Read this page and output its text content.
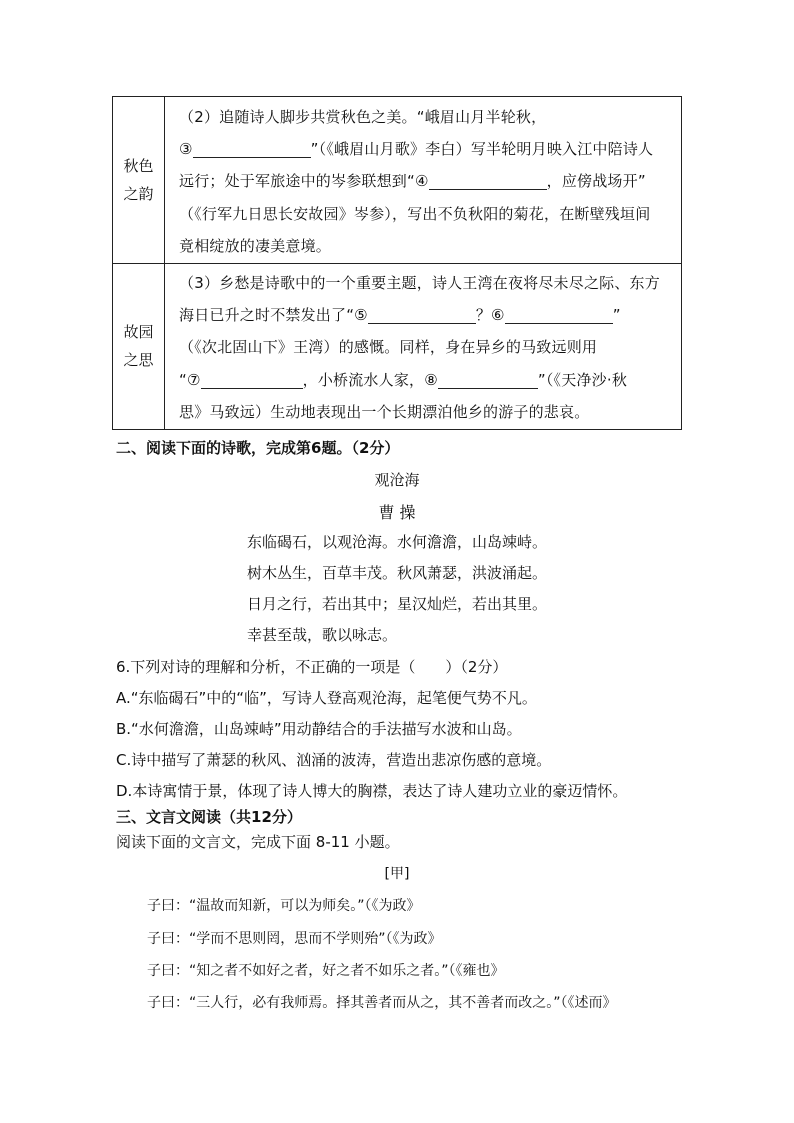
秋色
之韵
（2）追随诗人脚步共赏秋色之美。“峨眉山月半轮秋，
③	”（《峨眉山月歌》李白）写半轮明月映入江中陪诗人
远行；处于军旅途中的岑参联想到“④	，应傍战场开”
（《行军九日思长安故园》岑参），写出不负秋阳的菊花，在断壁残垣间
竟相绽放的凄美意境。
故园
之思
（3）乡愁是诗歌中的一个重要主题，诗人王湾在夜将尽未尽之际、东方
海日已升之时不禁发出了“⑤	？⑥	”
（《次北固山下》王湾）的感慨。同样，身在异乡的马致远则用
“⑦	，小桥流水人家，⑧	”（《天净沙·秋
思》马致远）生动地表现出一个长期漂泊他乡的游子的悲哀。
二、阅读下面的诗歌，完成第6题。（2分）
观沧海
曹 操
东临碣石，以观沧海。水何澹澹，山岛竦峙。
树木丛生，百草丰茂。秋风萧瑟，洪波涌起。
日月之行，若出其中；星汉灿烂，若出其里。
幸甚至哉，歌以咏志。
6.下列对诗的理解和分析，不正确的一项是（　　）（2分）
A.“东临碣石”中的“临”，写诗人登高观沧海，起笔便气势不凡。
B.“水何澹澹，山岛竦峙”用动静结合的手法描写水波和山岛。
C.诗中描写了萧瑟的秋风、汹涌的波涛，营造出悲凉伤感的意境。
D.本诗寓情于景，体现了诗人博大的胸襟，表达了诗人建功立业的豪迈情怀。
三、文言文阅读（共12分）
阅读下面的文言文，完成下面 8-11 小题。
[甲]
子曰：“温故而知新，可以为师矣。”（《为政》
子曰：“学而不思则罔，思而不学则殆”（《为政》
子曰：“知之者不如好之者，好之者不如乐之者。”（《雍也》
子曰：“三人行，必有我师焉。择其善者而从之，其不善者而改之。”（《述而》
